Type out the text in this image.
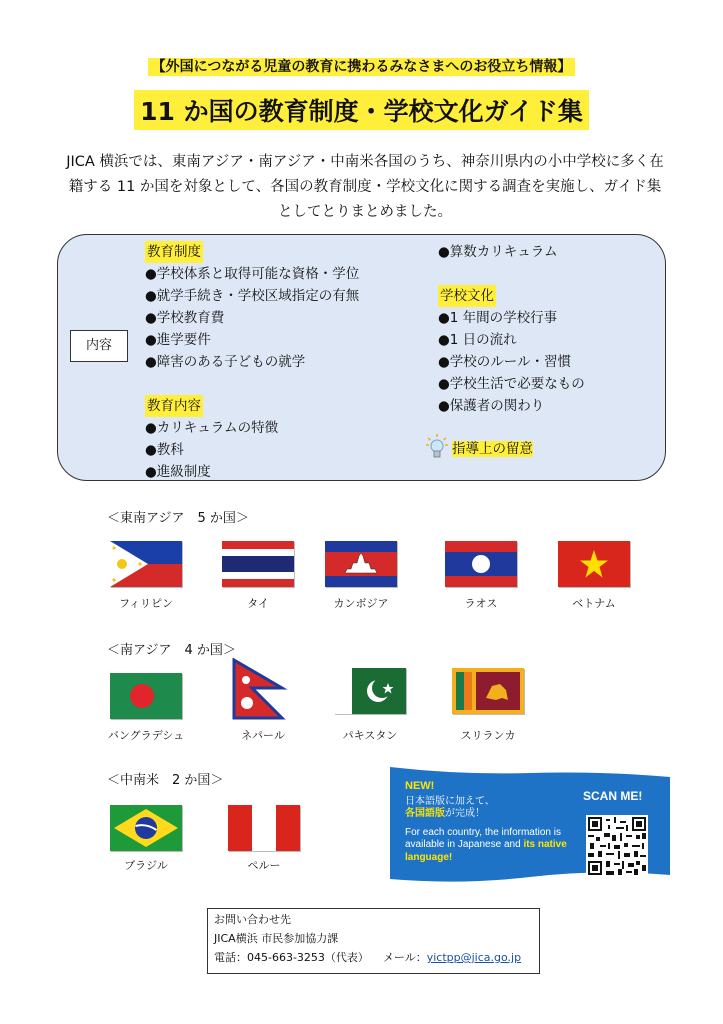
【外国につながる児童の教育に携わるみなさまへのお役立ち情報】
11 か国の教育制度・学校文化ガイド集
JICA 横浜では、東南アジア・南アジア・中南米各国のうち、神奈川県内の小中学校に多く在籍する 11 か国を対象として、各国の教育制度・学校文化に関する調査を実施し、ガイド集としてとりまとめました。
内容
教育制度
●学校体系と取得可能な資格・学位
●就学手続き・学校区域指定の有無
●学校教育費
●進学要件
●障害のある子どもの就学
教育内容
●カリキュラムの特徴
●教科
●進級制度
●算数カリキュラム
学校文化
●1 年間の学校行事
●1 日の流れ
●学校のルール・習慣
●学校生活で必要なもの
●保護者の関わり
指導上の留意
＜東南アジア　5 か国＞
フィリピン	タイ	カンボジア	ラオス	ベトナム
＜南アジア　4 か国＞
バングラデシュ	ネパール	パキスタン	スリランカ
＜中南米　2 か国＞
ブラジル	ペルー
NEW!
日本語版に加えて、
各国語版が完成！
For each country, the information is available in Japanese and its native language!
SCAN ME!
お問い合わせ先
JICA横浜 市民参加協力課
電話：045-663-3253（代表） メール：yictpp@jica.go.jp
